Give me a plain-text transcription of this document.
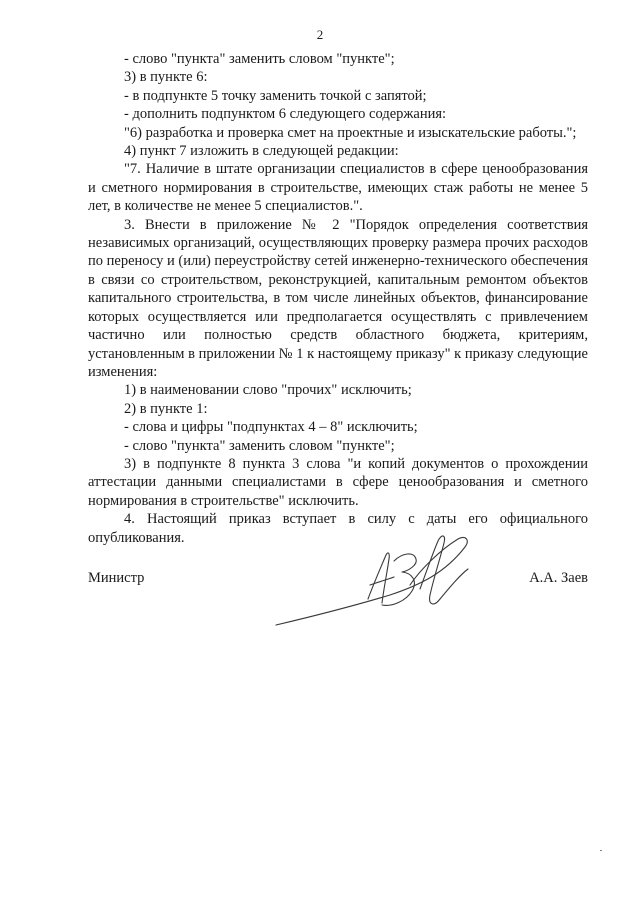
2

- слово "пункта" заменить словом "пункте";

3) в пункте 6:

- в подпункте 5 точку заменить точкой с запятой;

- дополнить подпунктом 6 следующего содержания:

"6) разработка и проверка смет на проектные и изыскательские работы.";

4) пункт 7 изложить в следующей редакции:

"7. Наличие в штате организации специалистов в сфере ценообразования и сметного нормирования в строительстве, имеющих стаж работы не менее 5 лет, в количестве не менее 5 специалистов.".

3. Внести в приложение № 2 "Порядок определения соответствия независимых организаций, осуществляющих проверку размера прочих расходов по переносу и (или) переустройству сетей инженерно-технического обеспечения в связи со строительством, реконструкцией, капитальным ремонтом объектов капитального строительства, в том числе линейных объектов, финансирование которых осуществляется или предполагается осуществлять с привлечением частично или полностью средств областного бюджета, критериям, установленным в приложении № 1 к настоящему приказу" к приказу следующие изменения:

1) в наименовании слово "прочих" исключить;

2) в пункте 1:

- слова и цифры "подпунктах 4 – 8" исключить;

- слово "пункта" заменить словом "пункте";

3) в подпункте 8 пункта 3 слова "и копий документов о прохождении аттестации данными специалистами в сфере ценообразования и сметного нормирования в строительстве" исключить.

4. Настоящий приказ вступает в силу с даты его официального опубликования.

Министр	А.А. Заев
